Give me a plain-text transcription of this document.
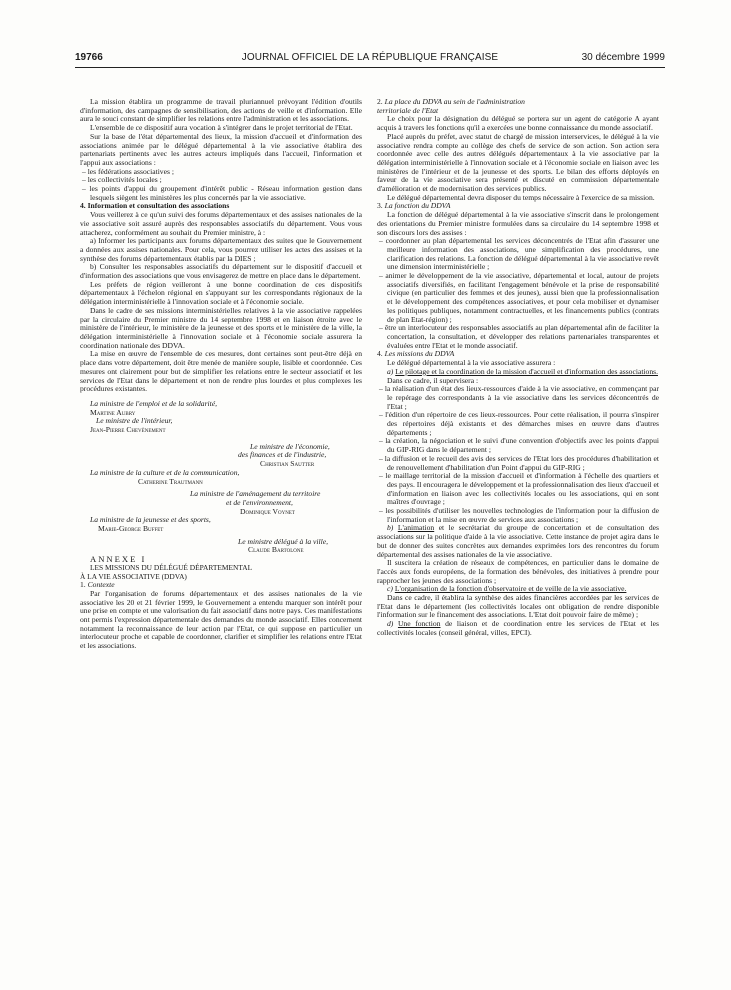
19766	JOURNAL OFFICIEL DE LA RÉPUBLIQUE FRANÇAISE	30 décembre 1999

La mission établira un programme de travail pluriannuel prévoyant l'édition d'outils d'information, des campagnes de sensibilisation, des actions de veille et d'information. Elle aura le souci constant de simplifier les relations entre l'administration et les associations.

L'ensemble de ce dispositif aura vocation à s'intégrer dans le projet territorial de l'Etat.

Sur la base de l'état départemental des lieux, la mission d'accueil et d'information des associations animée par le délégué départemental à la vie associative établira des partenariats pertinents avec les autres acteurs impliqués dans l'accueil, l'information et l'appui aux associations :

– les fédérations associatives ;

– les collectivités locales ;

– les points d'appui du groupement d'intérêt public - Réseau information gestion dans lesquels siègent les ministères les plus concernés par la vie associative.

4. Information et consultation des associations

Vous veillerez à ce qu'un suivi des forums départementaux et des assises nationales de la vie associative soit assuré auprès des responsables associatifs du département. Vous vous attacherez, conformément au souhait du Premier ministre, à :

a) Informer les participants aux forums départementaux des suites que le Gouvernement a données aux assises nationales. Pour cela, vous pourrez utiliser les actes des assises et la synthèse des forums départementaux établis par la DIES ;

b) Consulter les responsables associatifs du département sur le dispositif d'accueil et d'information des associations que vous envisagerez de mettre en place dans le département.

Les préfets de région veilleront à une bonne coordination de ces dispositifs départementaux à l'échelon régional en s'appuyant sur les correspondants régionaux de la délégation interministérielle à l'innovation sociale et à l'économie sociale.

Dans le cadre de ses missions interministérielles relatives à la vie associative rappelées par la circulaire du Premier ministre du 14 septembre 1998 et en liaison étroite avec le ministère de l'intérieur, le ministère de la jeunesse et des sports et le ministère de la ville, la délégation interministérielle à l'innovation sociale et à l'économie sociale assurera la coordination nationale des DDVA.

La mise en œuvre de l'ensemble de ces mesures, dont certaines sont peut-être déjà en place dans votre département, doit être menée de manière souple, lisible et coordonnée. Ces mesures ont clairement pour but de simplifier les relations entre le secteur associatif et les services de l'Etat dans le département et non de rendre plus lourdes et plus complexes les procédures existantes.

La ministre de l'emploi et de la solidarité,

Martine Aubry

Le ministre de l'intérieur,

Jean-Pierre Chevènement

Le ministre de l'économie,

des finances et de l'industrie,

Christian Sautter

La ministre de la culture et de la communication,

Catherine Trautmann

La ministre de l'aménagement du territoire

et de l'environnement,

Dominique Voynet

La ministre de la jeunesse et des sports,

Marie-George Buffet

Le ministre délégué à la ville,

Claude Bartolone

ANNEXE I

LES MISSIONS DU DÉLÉGUÉ DÉPARTEMENTAL
À LA VIE ASSOCIATIVE (DDVA)

1. Contexte

Par l'organisation de forums départementaux et des assises nationales de la vie associative les 20 et 21 février 1999, le Gouvernement a entendu marquer son intérêt pour une prise en compte et une valorisation du fait associatif dans notre pays. Ces manifestations ont permis l'expression départementale des demandes du monde associatif. Elles concernent notamment la reconnaissance de leur action par l'Etat, ce qui suppose en particulier un interlocuteur proche et capable de coordonner, clarifier et simplifier les relations entre l'Etat et les associations.

2. La place du DDVA au sein de l'administration
territoriale de l'Etat

Le choix pour la désignation du délégué se portera sur un agent de catégorie A ayant acquis à travers les fonctions qu'il a exercées une bonne connaissance du monde associatif.

Placé auprès du préfet, avec statut de chargé de mission interservices, le délégué à la vie associative rendra compte au collège des chefs de service de son action. Son action sera coordonnée avec celle des autres délégués départementaux à la vie associative par la délégation interministérielle à l'innovation sociale et à l'économie sociale en liaison avec les ministères de l'intérieur et de la jeunesse et des sports. Le bilan des efforts déployés en faveur de la vie associative sera présenté et discuté en commission départementale d'amélioration et de modernisation des services publics.

Le délégué départemental devra disposer du temps nécessaire à l'exercice de sa mission.

3. La fonction du DDVA

La fonction de délégué départemental à la vie associative s'inscrit dans le prolongement des orientations du Premier ministre formulées dans sa circulaire du 14 septembre 1998 et son discours lors des assises :

– coordonner au plan départemental les services déconcentrés de l'Etat afin d'assurer une meilleure information des associations, une simplification des procédures, une clarification des relations. La fonction de délégué départemental à la vie associative revêt une dimension interministérielle ;

– animer le développement de la vie associative, départemental et local, autour de projets associatifs diversifiés, en facilitant l'engagement bénévole et la prise de responsabilité civique (en particulier des femmes et des jeunes), aussi bien que la professionnalisation et le développement des compétences associatives, et pour cela mobiliser et dynamiser les politiques publiques, notamment contractuelles, et les financements publics (contrats de plan Etat-région) ;

– être un interlocuteur des responsables associatifs au plan départemental afin de faciliter la concertation, la consultation, et développer des relations partenariales transparentes et évaluées entre l'Etat et le monde associatif.

4. Les missions du DDVA

Le délégué départemental à la vie associative assurera :

a) Le pilotage et la coordination de la mission d'accueil et d'information des associations.

Dans ce cadre, il supervisera :

– la réalisation d'un état des lieux-ressources d'aide à la vie associative, en commençant par le repérage des correspondants à la vie associative dans les services déconcentrés de l'Etat ;

– l'édition d'un répertoire de ces lieux-ressources. Pour cette réalisation, il pourra s'inspirer des répertoires déjà existants et des démarches mises en œuvre dans d'autres départements ;

– la création, la négociation et le suivi d'une convention d'objectifs avec les points d'appui du GIP-RIG dans le département ;

– la diffusion et le recueil des avis des services de l'Etat lors des procédures d'habilitation et de renouvellement d'habilitation d'un Point d'appui du GIP-RIG ;

– le maillage territorial de la mission d'accueil et d'information à l'échelle des quartiers et des pays. Il encouragera le développement et la professionnalisation des lieux d'accueil et d'information en liaison avec les collectivités locales ou les associations, qui en sont maîtres d'ouvrage ;

– les possibilités d'utiliser les nouvelles technologies de l'information pour la diffusion de l'information et la mise en œuvre de services aux associations ;

b) L'animation et le secrétariat du groupe de concertation et de consultation des associations sur la politique d'aide à la vie associative. Cette instance de projet agira dans le but de donner des suites concrètes aux demandes exprimées lors des rencontres du forum départemental des assises nationales de la vie associative.

Il suscitera la création de réseaux de compétences, en particulier dans le domaine de l'accès aux fonds européens, de la formation des bénévoles, des initiatives à prendre pour rapprocher les jeunes des associations ;

c) L'organisation de la fonction d'observatoire et de veille de la vie associative.

Dans ce cadre, il établira la synthèse des aides financières accordées par les services de l'Etat dans le département (les collectivités locales ont obligation de rendre disponible l'information sur le financement des associations. L'Etat doit pouvoir faire de même) ;

d) Une fonction de liaison et de coordination entre les services de l'Etat et les collectivités locales (conseil général, villes, EPCI).
